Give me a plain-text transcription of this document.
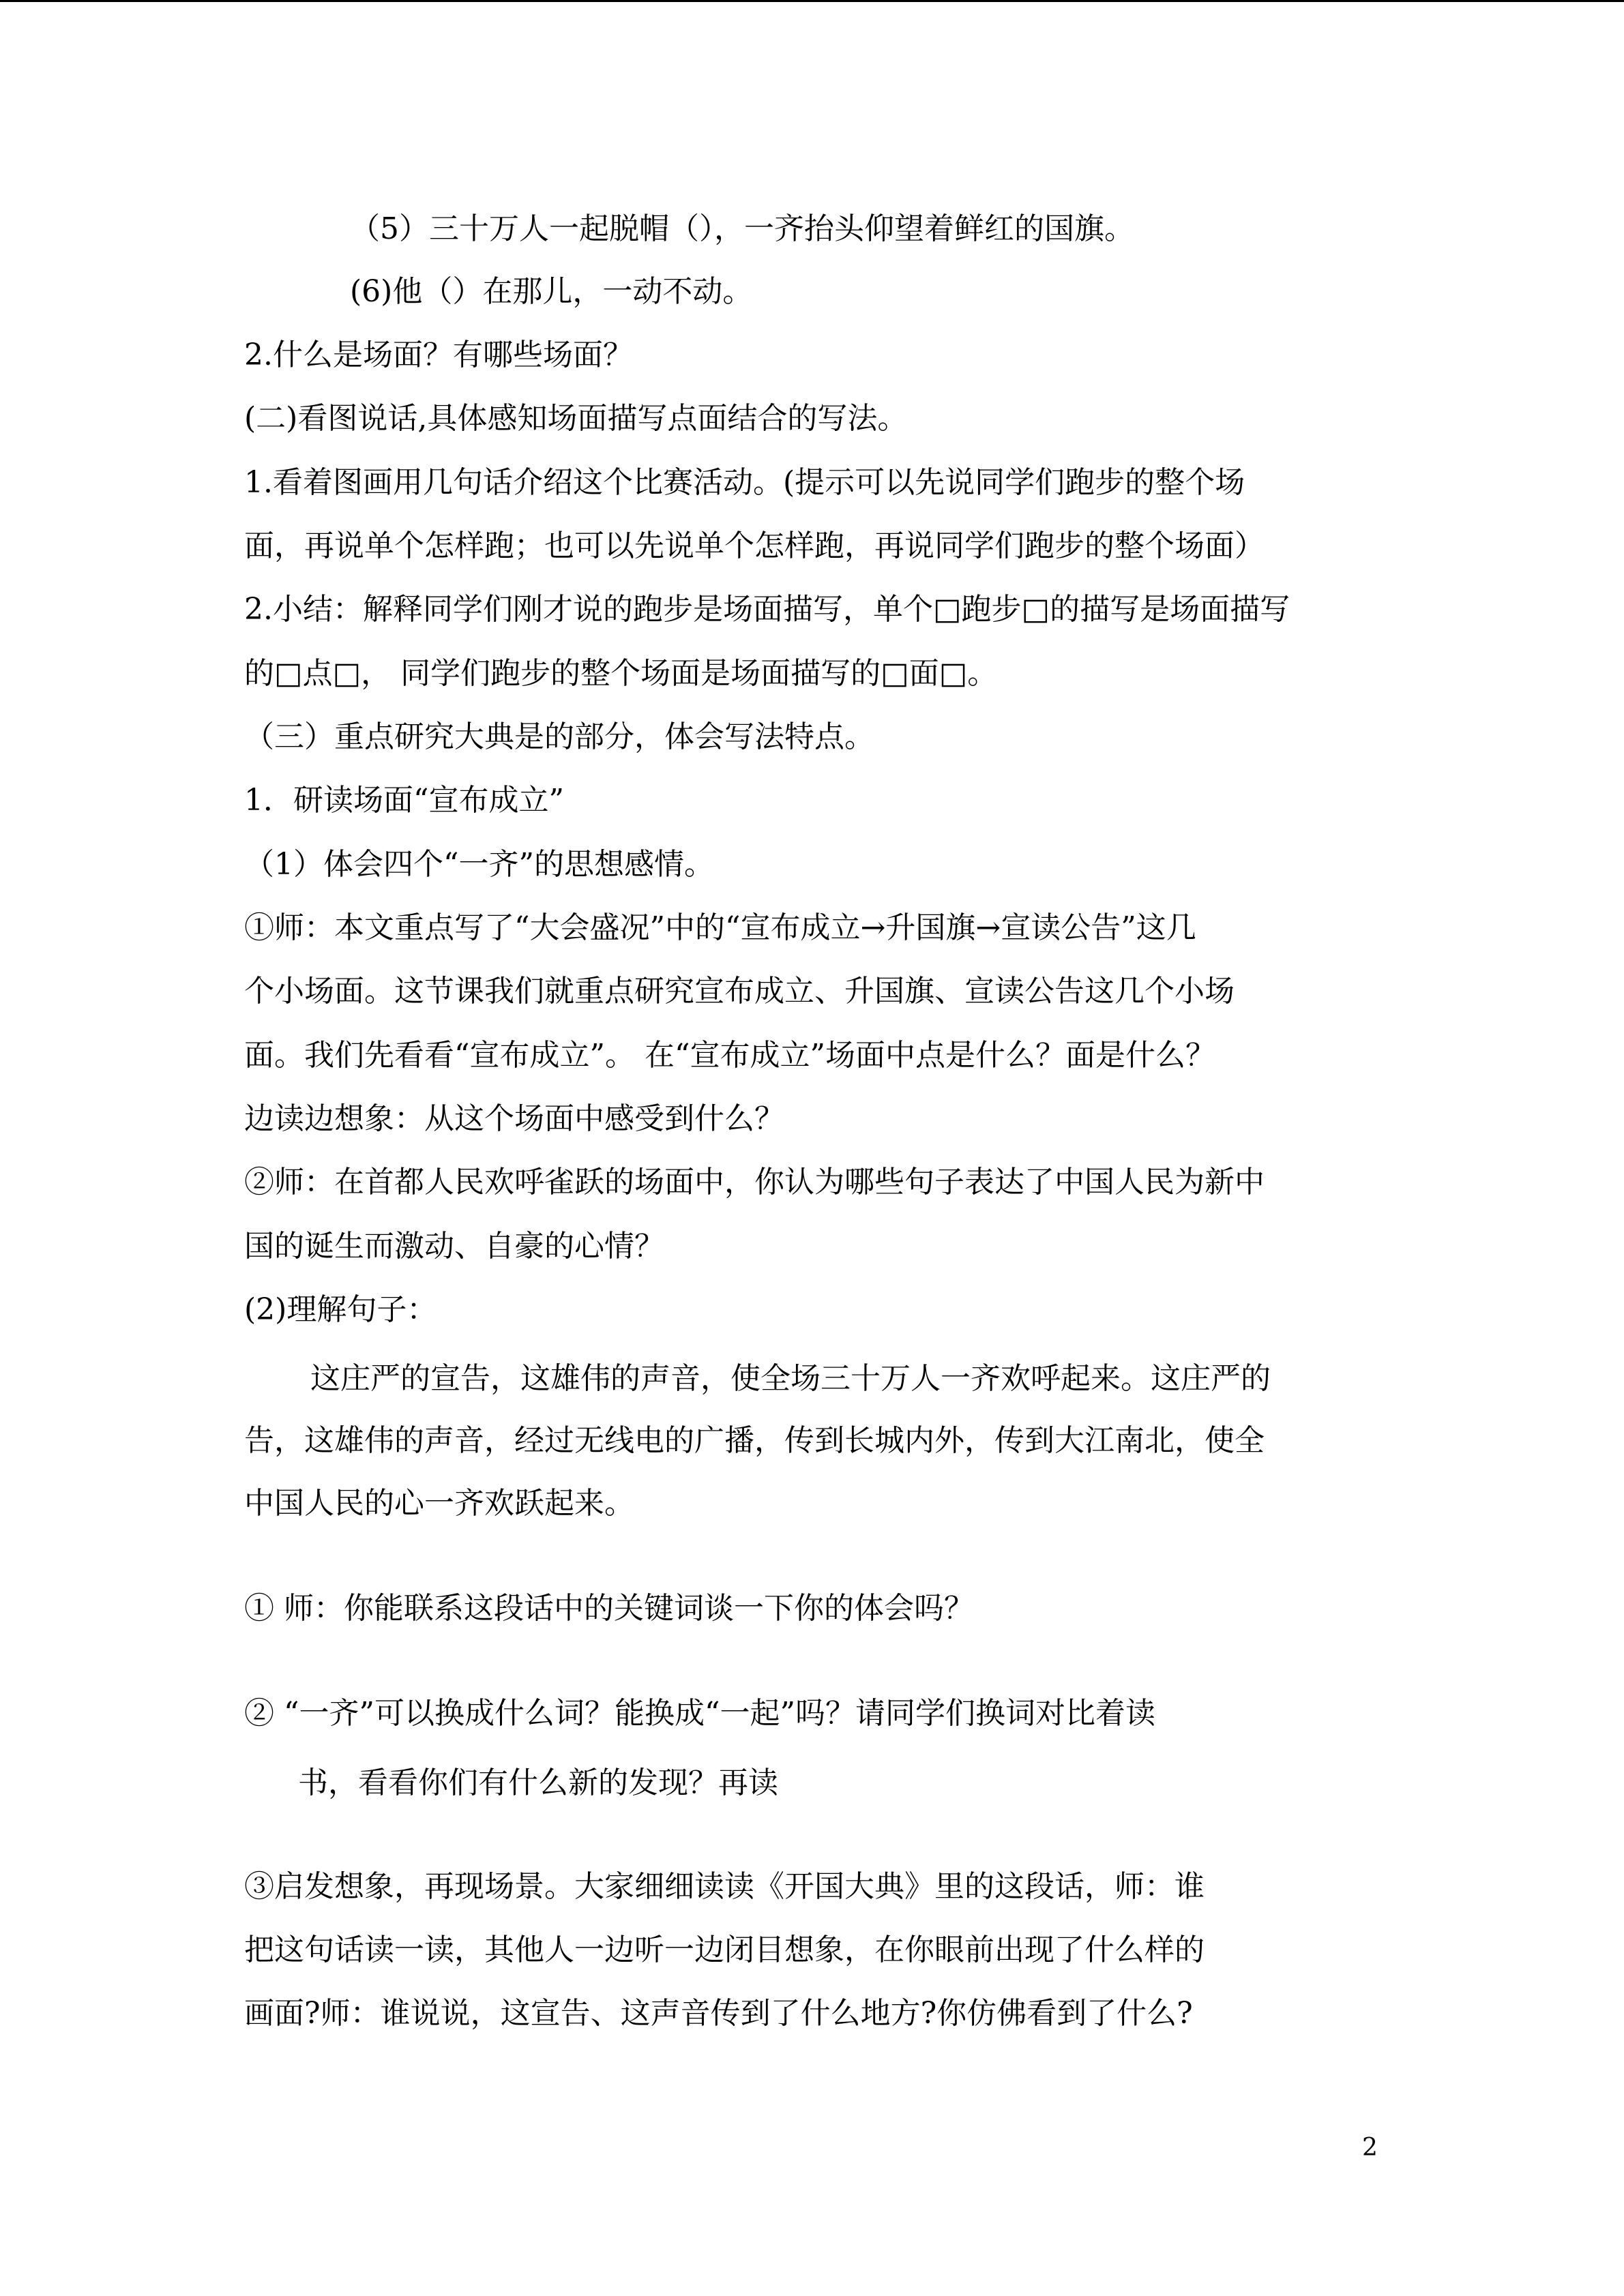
（5）三十万人一起脱帽（），一齐抬头仰望着鲜红的国旗。

(6)他（）在那儿，一动不动。

2.什么是场面？有哪些场面？

(二)看图说话,具体感知场面描写点面结合的写法。

1.看着图画用几句话介绍这个比赛活动。(提示可以先说同学们跑步的整个场

面，再说单个怎样跑；也可以先说单个怎样跑，再说同学们跑步的整个场面）

2.小结：解释同学们刚才说的跑步是场面描写，单个□跑步□的描写是场面描写

的□点□， 同学们跑步的整个场面是场面描写的□面□。

（三）重点研究大典是的部分，体会写法特点。

1．研读场面“宣布成立”

（1）体会四个“一齐”的思想感情。

①师：本文重点写了“大会盛况”中的“宣布成立→升国旗→宣读公告”这几

个小场面。这节课我们就重点研究宣布成立、升国旗、宣读公告这几个小场

面。我们先看看“宣布成立”。 在“宣布成立”场面中点是什么？面是什么？

边读边想象：从这个场面中感受到什么？

②师：在首都人民欢呼雀跃的场面中，你认为哪些句子表达了中国人民为新中

国的诞生而激动、自豪的心情？

(2)理解句子：

这庄严的宣告，这雄伟的声音，使全场三十万人一齐欢呼起来。这庄严的

告，这雄伟的声音，经过无线电的广播，传到长城内外，传到大江南北，使全

中国人民的心一齐欢跃起来。

① 师：你能联系这段话中的关键词谈一下你的体会吗？

② “一齐”可以换成什么词？能换成“一起”吗？请同学们换词对比着读

书，看看你们有什么新的发现？再读

③启发想象，再现场景。大家细细读读《开国大典》里的这段话，师：谁

把这句话读一读，其他人一边听一边闭目想象，在你眼前出现了什么样的

画面?师：谁说说，这宣告、这声音传到了什么地方?你仿佛看到了什么?

2
